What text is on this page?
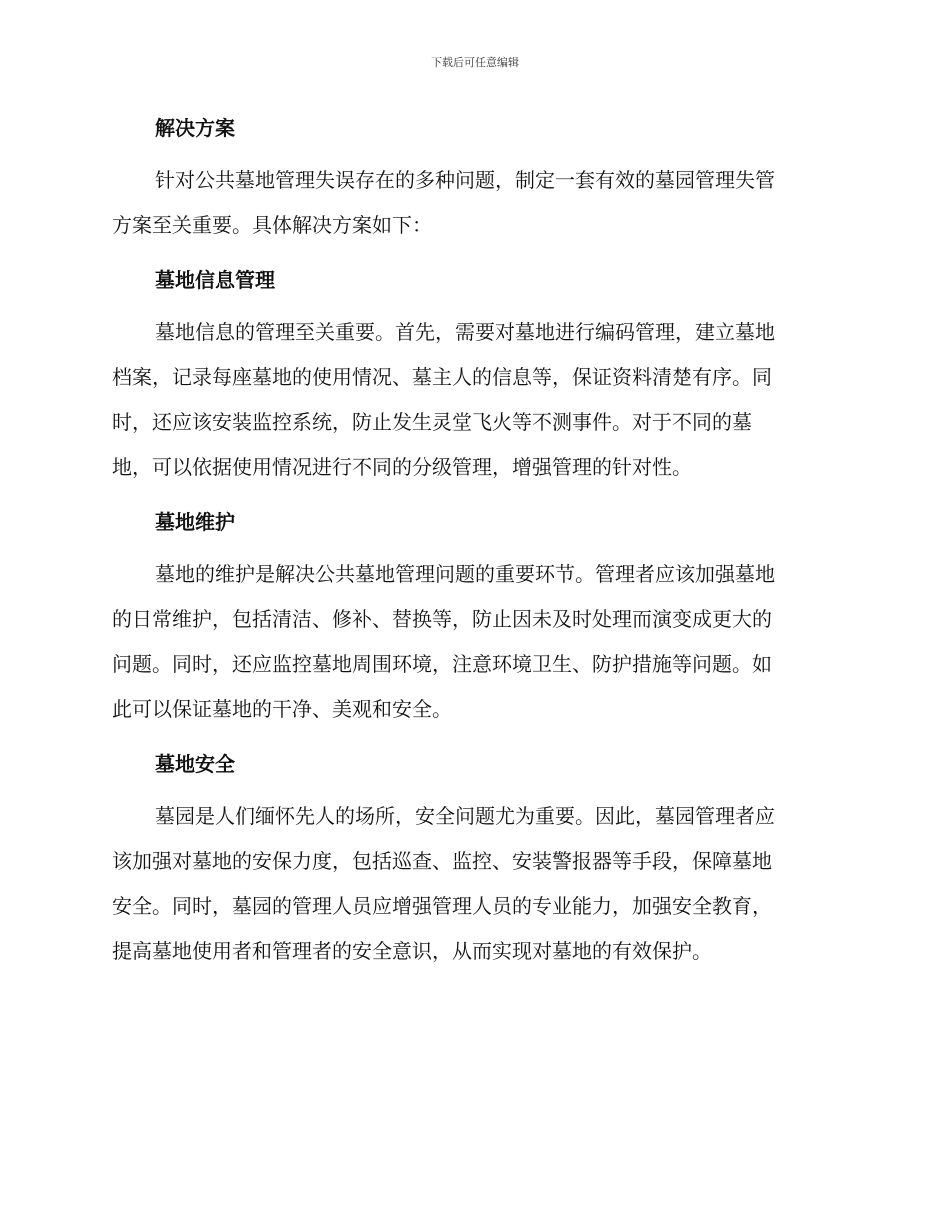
下载后可任意编辑
解决方案

针对公共墓地管理失误存在的多种问题，制定一套有效的墓园管理失管
方案至关重要。具体解决方案如下：

墓地信息管理

墓地信息的管理至关重要。首先，需要对墓地进行编码管理，建立墓地
档案，记录每座墓地的使用情况、墓主人的信息等，保证资料清楚有序。同
时，还应该安装监控系统，防止发生灵堂飞火等不测事件。对于不同的墓
地，可以依据使用情况进行不同的分级管理，增强管理的针对性。

墓地维护

墓地的维护是解决公共墓地管理问题的重要环节。管理者应该加强墓地
的日常维护，包括清洁、修补、替换等，防止因未及时处理而演变成更大的
问题。同时，还应监控墓地周围环境，注意环境卫生、防护措施等问题。如
此可以保证墓地的干净、美观和安全。

墓地安全

墓园是人们缅怀先人的场所，安全问题尤为重要。因此，墓园管理者应
该加强对墓地的安保力度，包括巡查、监控、安装警报器等手段，保障墓地
安全。同时，墓园的管理人员应增强管理人员的专业能力，加强安全教育，
提高墓地使用者和管理者的安全意识，从而实现对墓地的有效保护。
